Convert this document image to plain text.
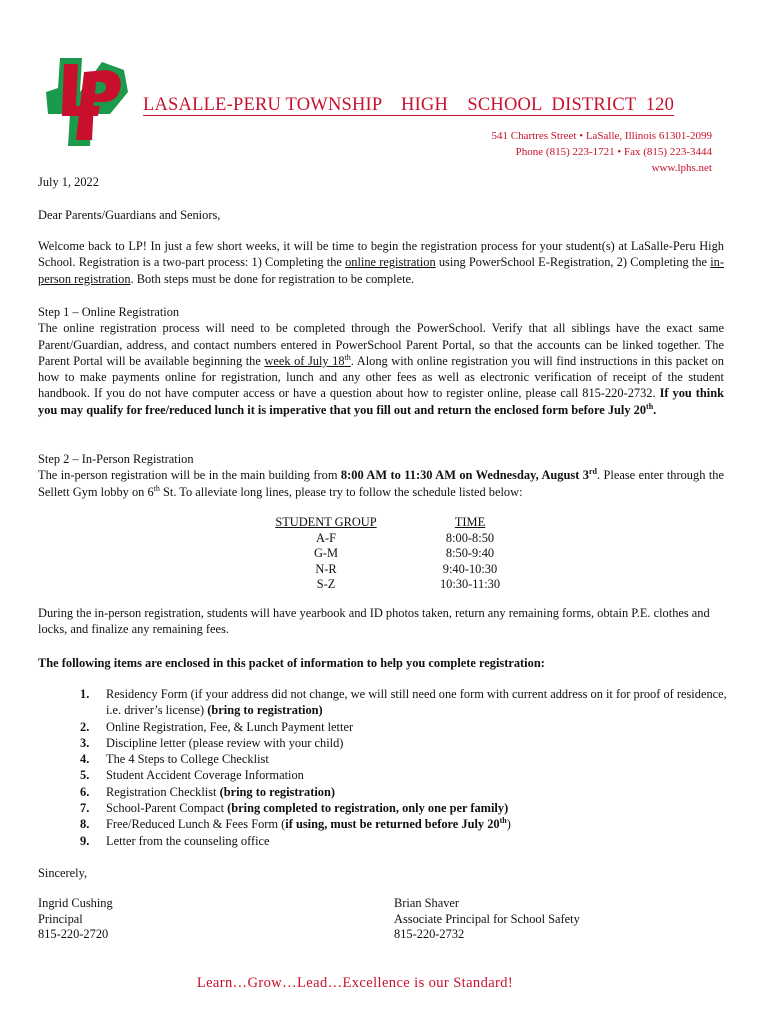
LASALLE-PERU TOWNSHIP    HIGH    SCHOOL  DISTRICT  120
541 Chartres Street • LaSalle, Illinois 61301-2099
Phone (815) 223-1721 • Fax (815) 223-3444
www.lphs.net
July 1, 2022
Dear Parents/Guardians and Seniors,

Welcome back to LP! In just a few short weeks, it will be time to begin the registration process for your student(s) at LaSalle-Peru High School. Registration is a two-part process: 1) Completing the online registration using PowerSchool E-Registration, 2) Completing the in-person registration. Both steps must be done for registration to be complete.

Step 1 – Online Registration

The online registration process will need to be completed through the PowerSchool. Verify that all siblings have the exact same Parent/Guardian, address, and contact numbers entered in PowerSchool Parent Portal, so that the accounts can be linked together. The Parent Portal will be available beginning the week of July 18th. Along with online registration you will find instructions in this packet on how to make payments online for registration, lunch and any other fees as well as electronic verification of receipt of the student handbook. If you do not have computer access or have a question about how to register online, please call 815-220-2732. If you think you may qualify for free/reduced lunch it is imperative that you fill out and return the enclosed form before July 20th.

Step 2 – In-Person Registration

The in-person registration will be in the main building from 8:00 AM to 11:30 AM on Wednesday, August 3rd. Please enter through the Sellett Gym lobby on 6th St. To alleviate long lines, please try to follow the schedule listed below:

STUDENT GROUP	TIME
A-F	8:00-8:50
G-M	8:50-9:40
N-R	9:40-10:30
S-Z	10:30-11:30
During the in-person registration, students will have yearbook and ID photos taken, return any remaining forms, obtain P.E. clothes and locks, and finalize any remaining fees.
The following items are enclosed in this packet of information to help you complete registration:
1. Residency Form (if your address did not change, we will still need one form with current address on it for proof of residence, i.e. driver’s license) (bring to registration)
2. Online Registration, Fee, & Lunch Payment letter
3. Discipline letter (please review with your child)
4. The 4 Steps to College Checklist
5. Student Accident Coverage Information
6. Registration Checklist (bring to registration)
7. School-Parent Compact (bring completed to registration, only one per family)
8. Free/Reduced Lunch & Fees Form (if using, must be returned before July 20th)
9. Letter from the counseling office
Sincerely,
Ingrid Cushing
Principal
815-220-2720
Brian Shaver
Associate Principal for School Safety
815-220-2732
Learn…Grow…Lead…Excellence is our Standard!
